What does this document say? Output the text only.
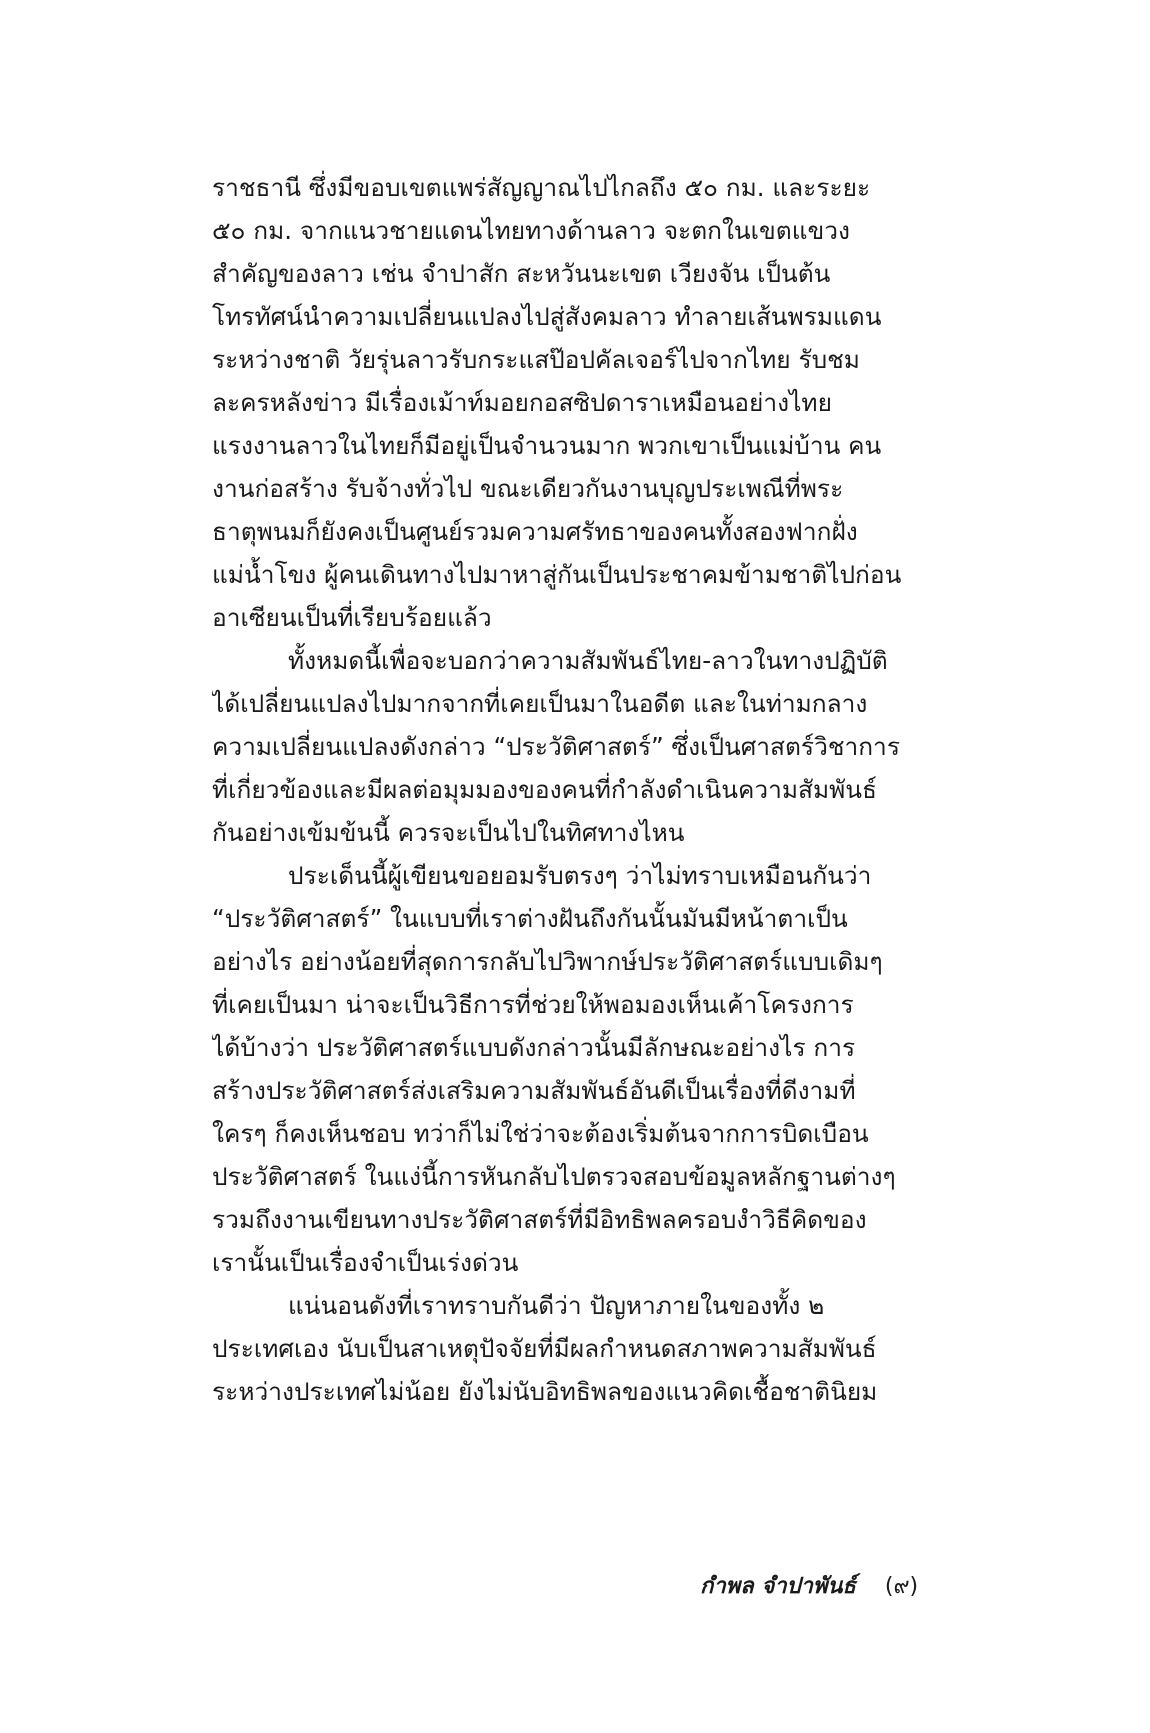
ราชธานี ซึ่งมีขอบเขตแพร่สัญญาณไปไกลถึง ๕๐ กม. และระยะ
๕๐ กม. จากแนวชายแดนไทยทางด้านลาว จะตกในเขตแขวง
สำคัญของลาว เช่น จำปาสัก สะหวันนะเขต เวียงจัน เป็นต้น
โทรทัศน์นำความเปลี่ยนแปลงไปสู่สังคมลาว ทำลายเส้นพรมแดน
ระหว่างชาติ วัยรุ่นลาวรับกระแสป๊อปคัลเจอร์ไปจากไทย รับชม
ละครหลังข่าว มีเรื่องเม้าท์มอยกอสซิปดาราเหมือนอย่างไทย
แรงงานลาวในไทยก็มีอยู่เป็นจำนวนมาก พวกเขาเป็นแม่บ้าน คน
งานก่อสร้าง รับจ้างทั่วไป ขณะเดียวกันงานบุญประเพณีที่พระ
ธาตุพนมก็ยังคงเป็นศูนย์รวมความศรัทธาของคนทั้งสองฟากฝั่ง
แม่น้ำโขง ผู้คนเดินทางไปมาหาสู่กันเป็นประชาคมข้ามชาติไปก่อน
อาเซียนเป็นที่เรียบร้อยแล้ว
ทั้งหมดนี้เพื่อจะบอกว่าความสัมพันธ์ไทย-ลาวในทางปฏิบัติ
ได้เปลี่ยนแปลงไปมากจากที่เคยเป็นมาในอดีต และในท่ามกลาง
ความเปลี่ยนแปลงดังกล่าว “ประวัติศาสตร์” ซึ่งเป็นศาสตร์วิชาการ
ที่เกี่ยวข้องและมีผลต่อมุมมองของคนที่กำลังดำเนินความสัมพันธ์
กันอย่างเข้มข้นนี้ ควรจะเป็นไปในทิศทางไหน
ประเด็นนี้ผู้เขียนขอยอมรับตรงๆ ว่าไม่ทราบเหมือนกันว่า
“ประวัติศาสตร์” ในแบบที่เราต่างฝันถึงกันนั้นมันมีหน้าตาเป็น
อย่างไร อย่างน้อยที่สุดการกลับไปวิพากษ์ประวัติศาสตร์แบบเดิมๆ
ที่เคยเป็นมา น่าจะเป็นวิธีการที่ช่วยให้พอมองเห็นเค้าโครงการ
ได้บ้างว่า ประวัติศาสตร์แบบดังกล่าวนั้นมีลักษณะอย่างไร การ
สร้างประวัติศาสตร์ส่งเสริมความสัมพันธ์อันดีเป็นเรื่องที่ดีงามที่
ใครๆ ก็คงเห็นชอบ ทว่าก็ไม่ใช่ว่าจะต้องเริ่มต้นจากการบิดเบือน
ประวัติศาสตร์ ในแง่นี้การหันกลับไปตรวจสอบข้อมูลหลักฐานต่างๆ
รวมถึงงานเขียนทางประวัติศาสตร์ที่มีอิทธิพลครอบงำวิธีคิดของ
เรานั้นเป็นเรื่องจำเป็นเร่งด่วน
แน่นอนดังที่เราทราบกันดีว่า ปัญหาภายในของทั้ง ๒
ประเทศเอง นับเป็นสาเหตุปัจจัยที่มีผลกำหนดสภาพความสัมพันธ์
ระหว่างประเทศไม่น้อย ยังไม่นับอิทธิพลของแนวคิดเชื้อชาตินิยม
กำพล จำปาพันธ์ (๙)
